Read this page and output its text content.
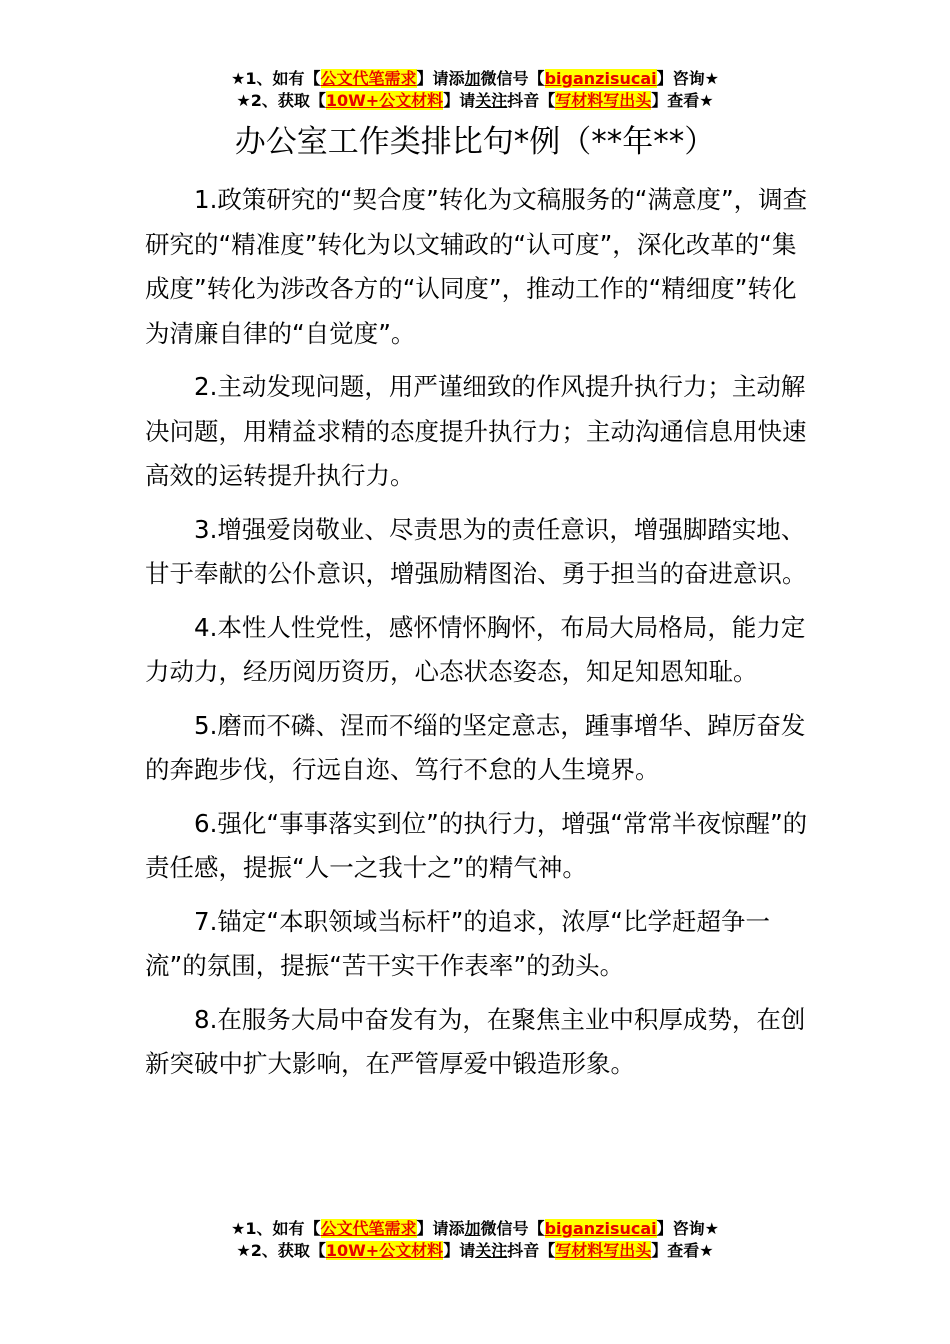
★1、如有【公文代笔需求】请添加微信号【biganzisucai】咨询★
★2、获取【10W+公文材料】请关注抖音【写材料写出头】查看★
办公室工作类排比句*例（**年**）

1.政策研究的“契合度”转化为文稿服务的“满意度”，调查研究的“精准度”转化为以文辅政的“认可度”，深化改革的“集成度”转化为涉改各方的“认同度”，推动工作的“精细度”转化为清廉自律的“自觉度”。

2.主动发现问题，用严谨细致的作风提升执行力；主动解决问题，用精益求精的态度提升执行力；主动沟通信息用快速高效的运转提升执行力。

3.增强爱岗敬业、尽责思为的责任意识，增强脚踏实地、甘于奉献的公仆意识，增强励精图治、勇于担当的奋进意识。

4.本性人性党性，感怀情怀胸怀，布局大局格局，能力定力动力，经历阅历资历，心态状态姿态，知足知恩知耻。

5.磨而不磷、涅而不缁的坚定意志，踵事增华、踔厉奋发的奔跑步伐，行远自迩、笃行不怠的人生境界。

6.强化“事事落实到位”的执行力，增强“常常半夜惊醒”的责任感，提振“人一之我十之”的精气神。

7.锚定“本职领域当标杆”的追求，浓厚“比学赶超争一流”的氛围，提振“苦干实干作表率”的劲头。

8.在服务大局中奋发有为，在聚焦主业中积厚成势，在创新突破中扩大影响，在严管厚爱中锻造形象。

★1、如有【公文代笔需求】请添加微信号【biganzisucai】咨询★
★2、获取【10W+公文材料】请关注抖音【写材料写出头】查看★
